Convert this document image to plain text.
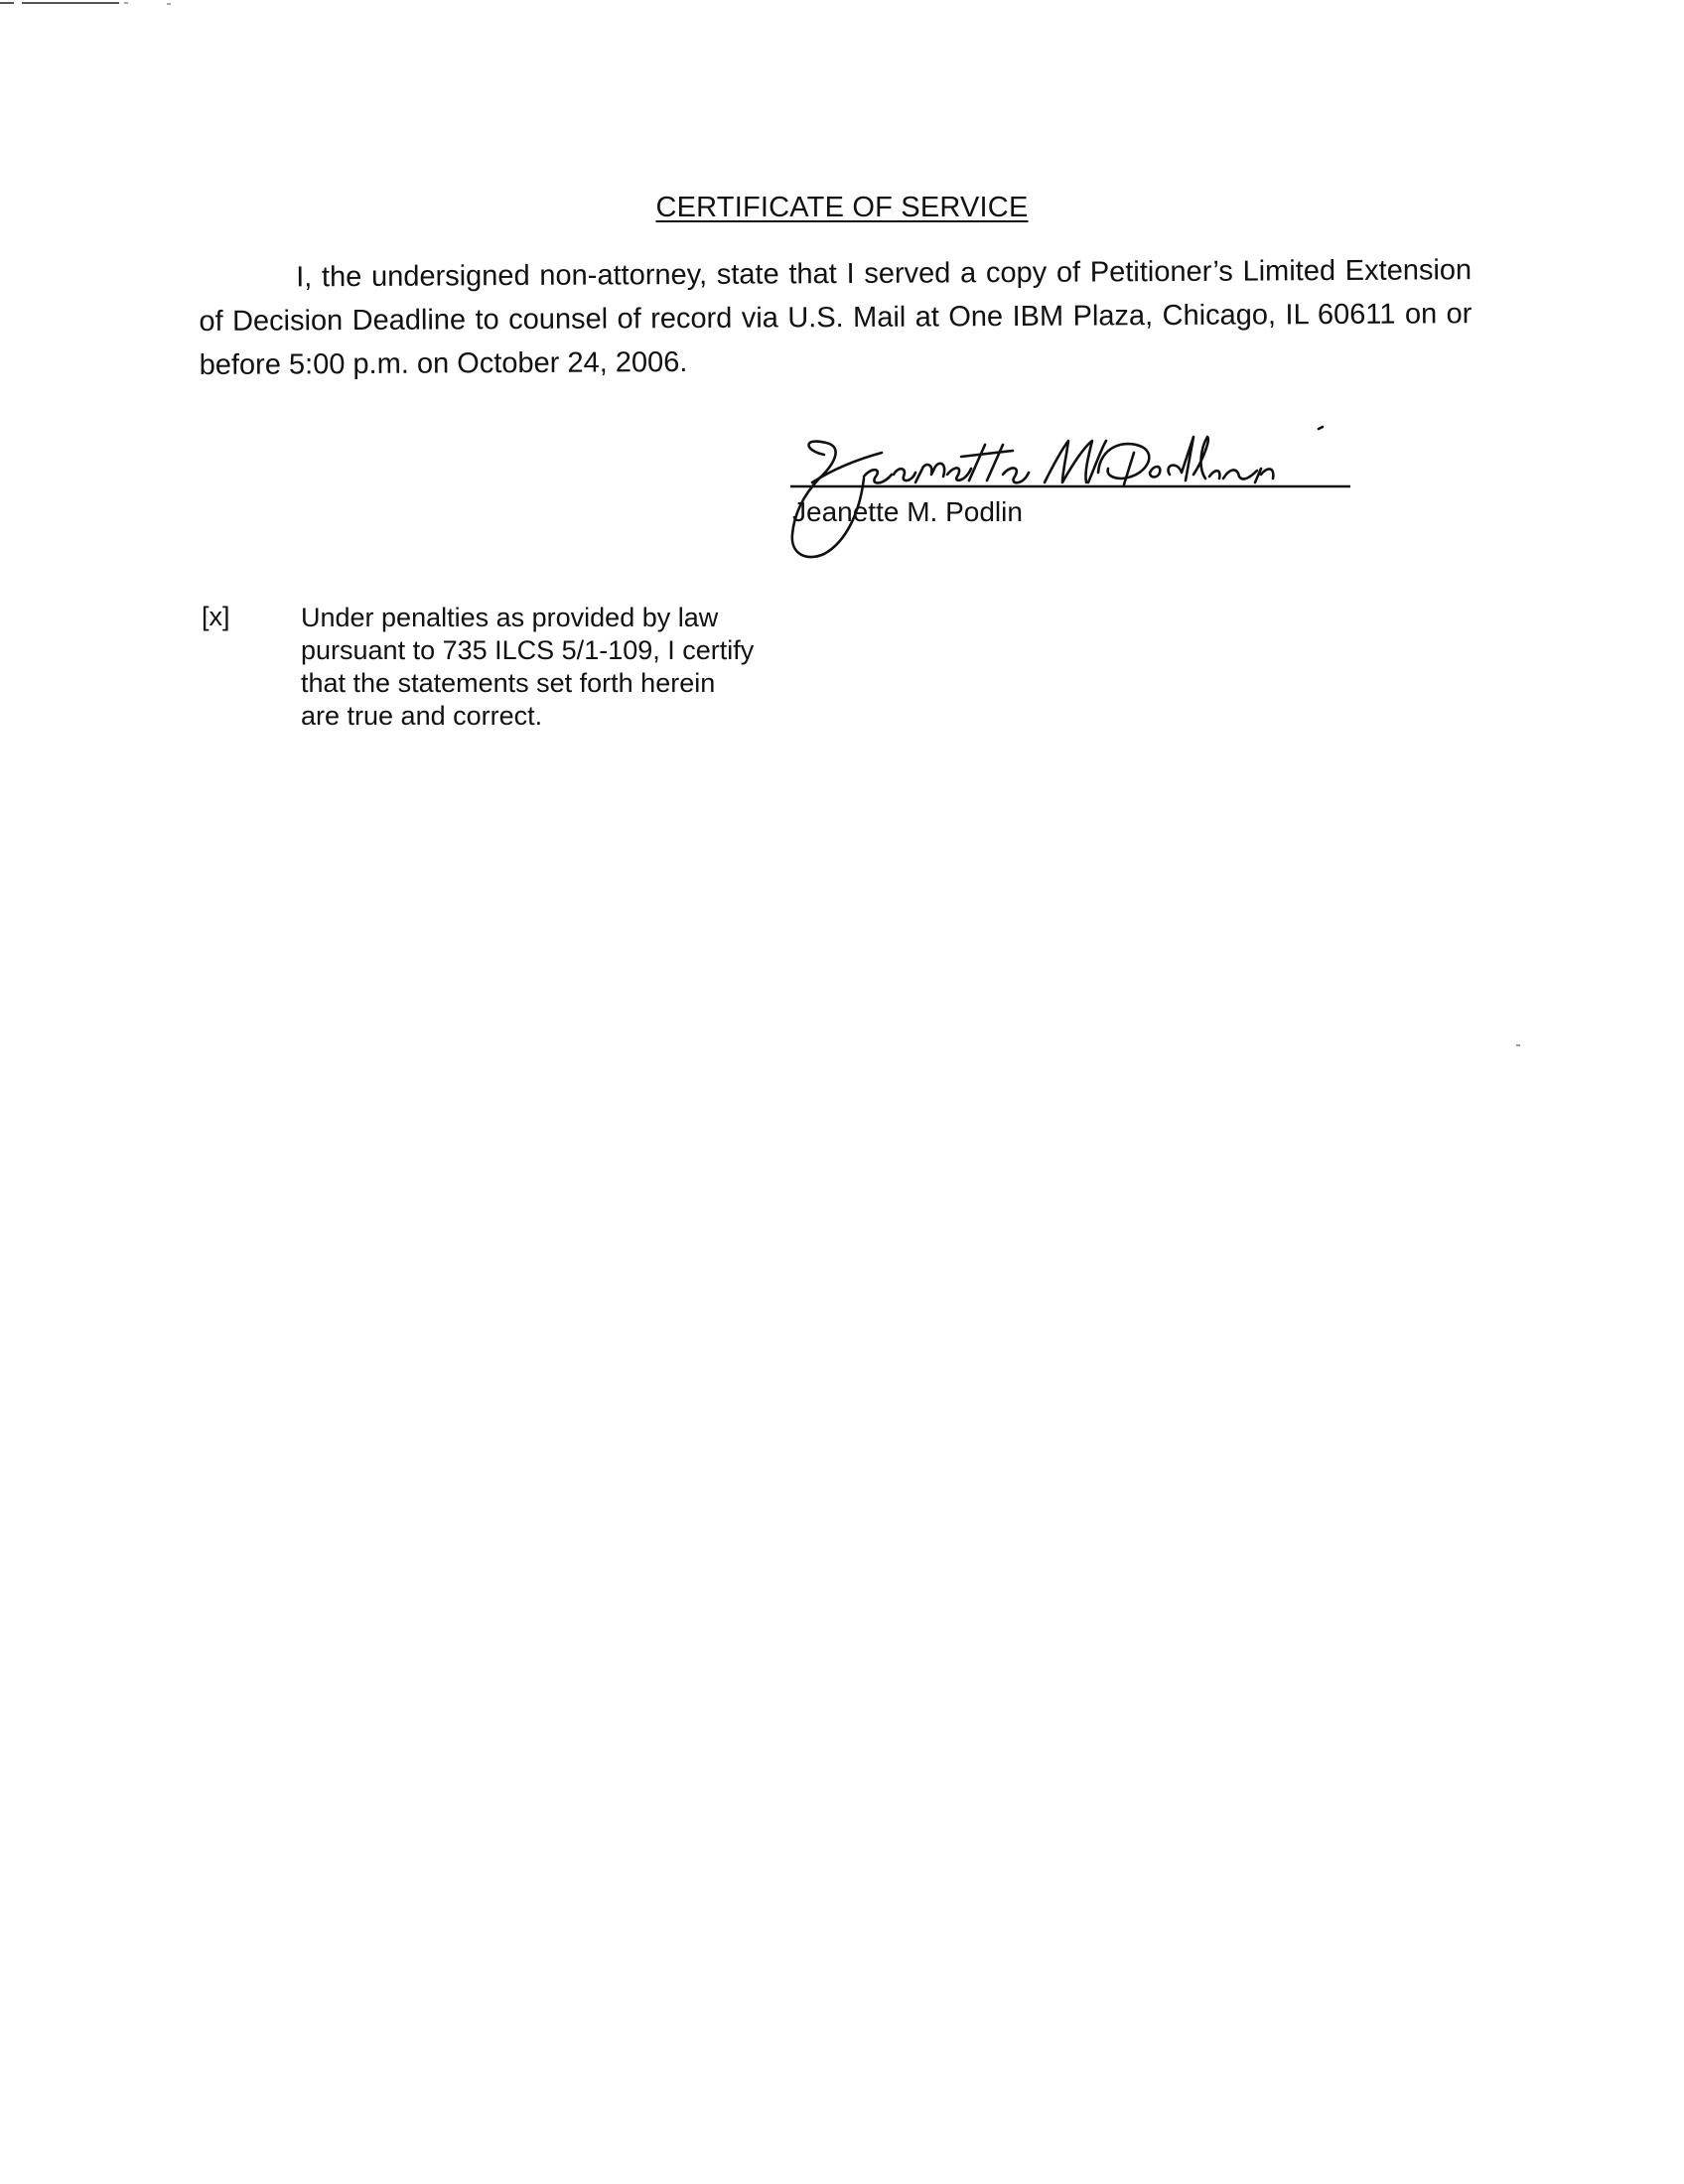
CERTIFICATE OF SERVICE
I, the undersigned non-attorney, state that I served a copy of Petitioner’s Limited Extension of Decision Deadline to counsel of record via U.S. Mail at One IBM Plaza, Chicago, IL 60611 on or before 5:00 p.m. on October 24, 2006.
Jeanette M. Podlin
[x]	Under penalties as provided by law
pursuant to 735 ILCS 5/1-109, I certify
that the statements set forth herein
are true and correct.
